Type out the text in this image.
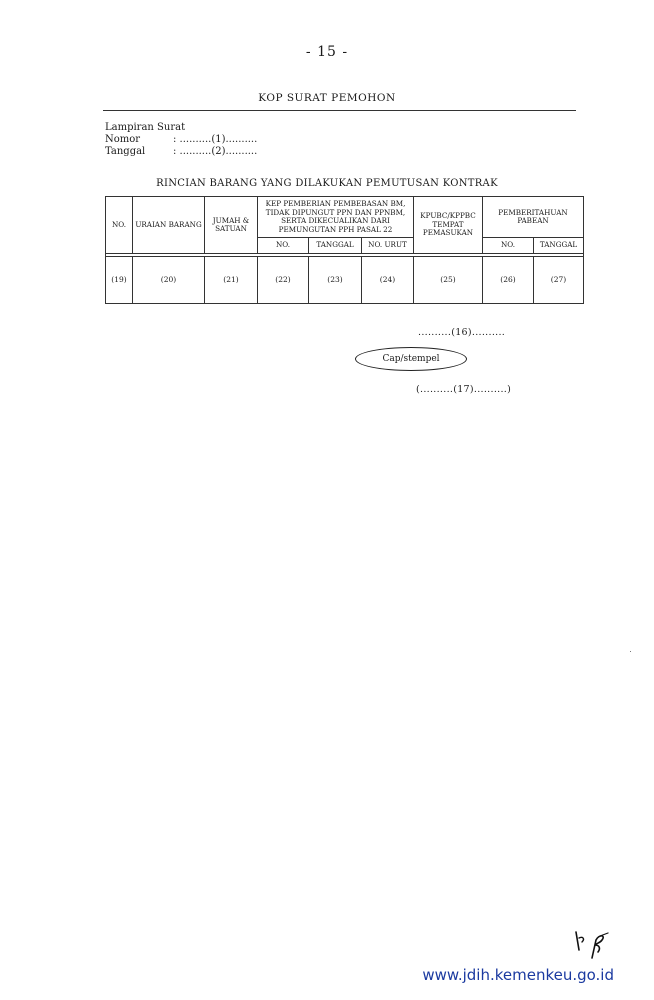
- 15 -
KOP SURAT PEMOHON
Lampiran Surat
Nomor	: ..........(1)..........
Tanggal	: ..........(2)..........
RINCIAN BARANG YANG DILAKUKAN PEMUTUSAN KONTRAK
NO.	URAIAN BARANG	JUMAH & SATUAN	KEP PEMBERIAN PEMBEBASAN BM, TIDAK DIPUNGUT PPN DAN PPNBM, SERTA DIKECUALIKAN DARI PEMUNGUTAN PPH PASAL 22			KPUBC/KPPBC TEMPAT PEMASUKAN	PEMBERITAHUAN PABEAN	
			NO.	TANGGAL	NO. URUT		NO.	TANGGAL

(19)	(20)	(21)	(22)	(23)	(24)	(25)	(26)	(27)
..........(16)..........
Cap/stempel
(..........(17)..........)
www.jdih.kemenkeu.go.id
